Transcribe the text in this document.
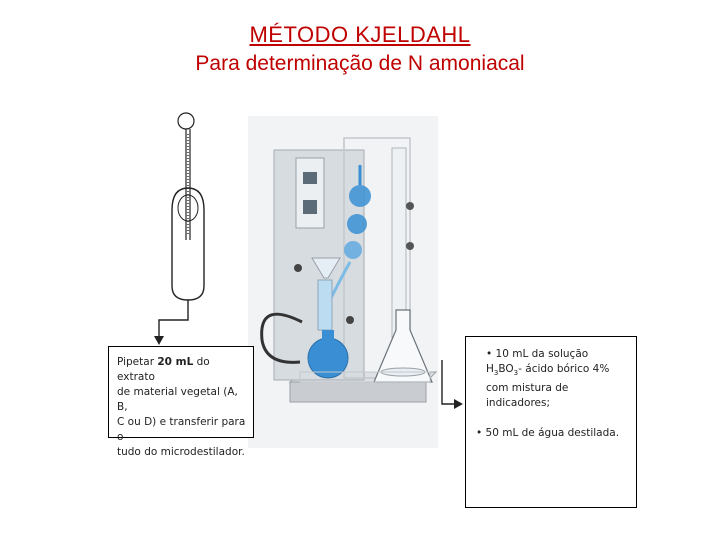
MÉTODO KJELDAHL
Para determinação de N amoniacal
Pipetar 20 mL do extrato
de material vegetal (A, B,
C ou D) e transferir para o
tudo do microdestilador.
• 10 mL da solução
$H_3BO_3-$ ácido bórico 4%
com mistura de
indicadores;
• 50 mL de água destilada.
